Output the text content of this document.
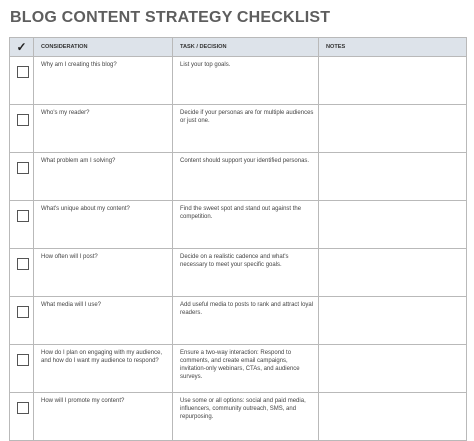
BLOG CONTENT STRATEGY CHECKLIST
✓	CONSIDERATION	TASK / DECISION	NOTES
	Why am I creating this blog?	List your top goals.	
	Who's my reader?	Decide if your personas are for multiple audiences or just one.	
	What problem am I solving?	Content should support your identified personas.	
	What's unique about my content?	Find the sweet spot and stand out against the competition.	
	How often will I post?	Decide on a realistic cadence and what's necessary to meet your specific goals.	
	What media will I use?	Add useful media to posts to rank and attract loyal readers.	
	How do I plan on engaging with my audience, and how do I want my audience to respond?	Ensure a two-way interaction: Respond to comments, and create email campaigns, invitation-only webinars, CTAs, and audience surveys.	
	How will I promote my content?	Use some or all options: social and paid media, influencers, community outreach, SMS, and repurposing.	
